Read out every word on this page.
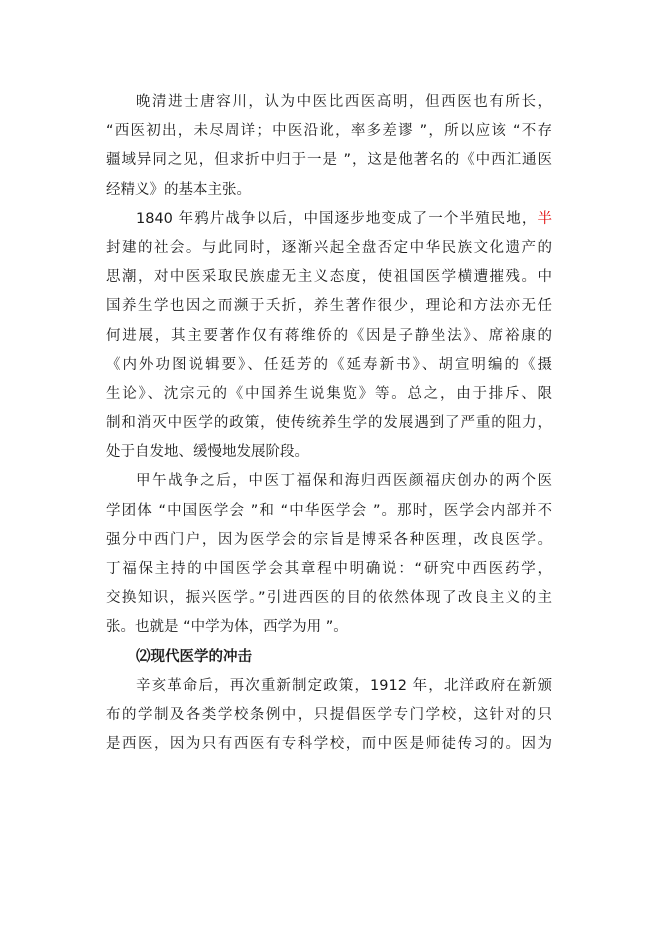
晚清进士唐容川，认为中医比西医高明，但西医也有所长，
“西医初出，未尽周详；中医沿讹，率多差谬 ”，所以应该 “不存
疆域异同之见，但求折中归于一是 ”，这是他著名的《中西汇通医
经精义》的基本主张。
1840 年鸦片战争以后，中国逐步地变成了一个半殖民地，半
封建的社会。与此同时，逐渐兴起全盘否定中华民族文化遗产的
思潮，对中医采取民族虚无主义态度，使祖国医学横遭摧残。中
国养生学也因之而濒于夭折，养生著作很少，理论和方法亦无任
何进展，其主要著作仅有蒋维侨的《因是子静坐法》、席裕康的
《内外功图说辑要》、任廷芳的《延寿新书》、胡宣明编的《摄
生论》、沈宗元的《中国养生说集览》等。总之，由于排斥、限
制和消灭中医学的政策，使传统养生学的发展遇到了严重的阻力，
处于自发地、缓慢地发展阶段。
甲午战争之后，中医丁福保和海归西医颜福庆创办的两个医
学团体 “中国医学会 ”和 “中华医学会 ”。那时，医学会内部并不
强分中西门户，因为医学会的宗旨是博采各种医理，改良医学。
丁福保主持的中国医学会其章程中明确说：“研究中西医药学，
交换知识，振兴医学。”引进西医的目的依然体现了改良主义的主
张。也就是 “中学为体，西学为用 ”。
⑵现代医学的冲击
辛亥革命后，再次重新制定政策，1912 年，北洋政府在新颁
布的学制及各类学校条例中，只提倡医学专门学校，这针对的只
是西医，因为只有西医有专科学校，而中医是师徒传习的。因为
